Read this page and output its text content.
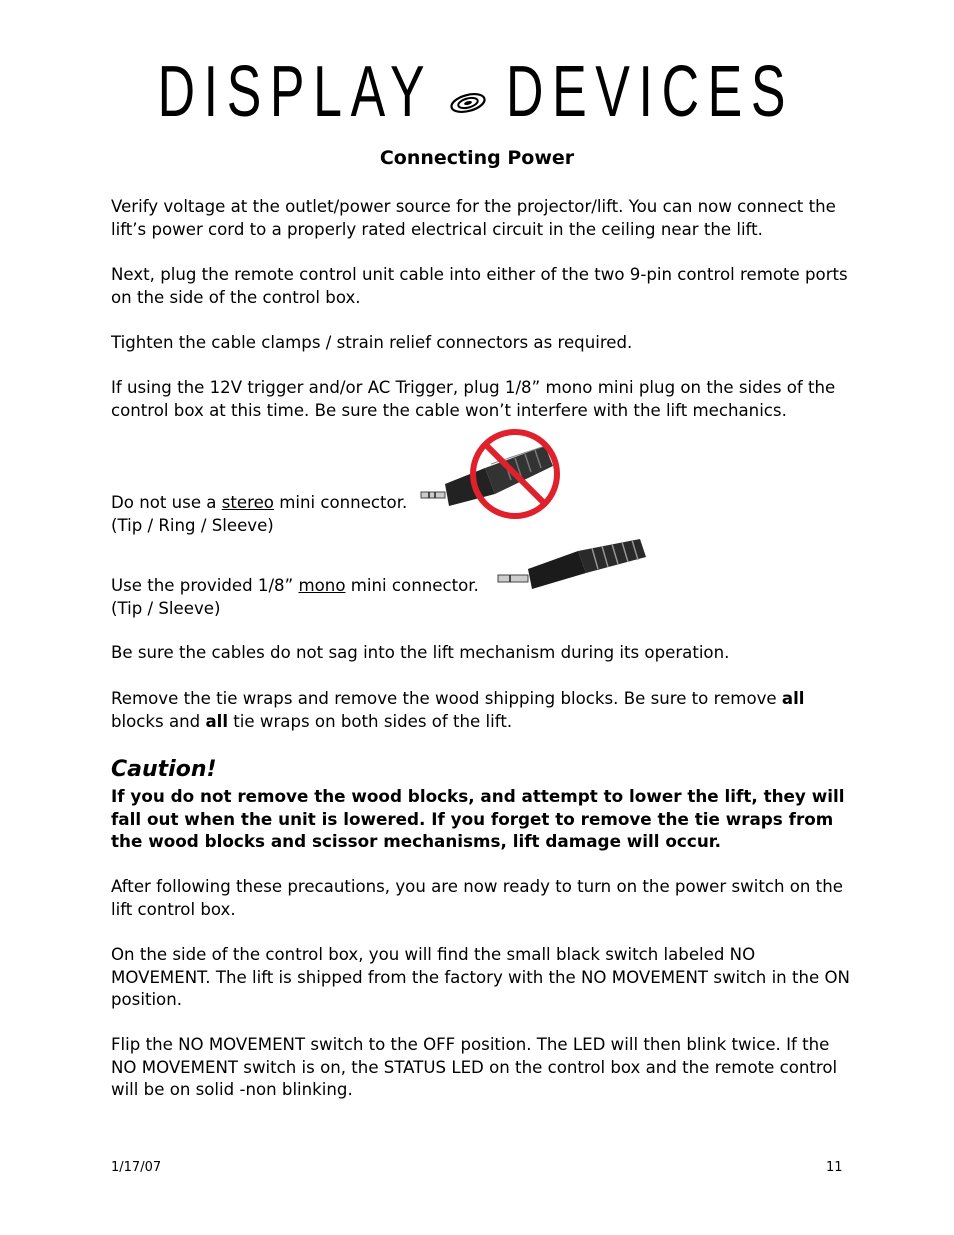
DISPLAY DEVICES
Connecting Power

Verify voltage at the outlet/power source for the projector/lift. You can now connect the lift’s power cord to a properly rated electrical circuit in the ceiling near the lift.

Next, plug the remote control unit cable into either of the two 9-pin control remote ports on the side of the control box.

Tighten the cable clamps / strain relief connectors as required.

If using the 12V trigger and/or AC Trigger, plug 1/8” mono mini plug on the sides of the control box at this time. Be sure the cable won’t interfere with the lift mechanics.

Do not use a stereo mini connector.
(Tip / Ring / Sleeve)

Use the provided 1/8” mono mini connector.
(Tip / Sleeve)

Be sure the cables do not sag into the lift mechanism during its operation.

Remove the tie wraps and remove the wood shipping blocks. Be sure to remove all
blocks and all tie wraps on both sides of the lift.

Caution!

If you do not remove the wood blocks, and attempt to lower the lift, they will fall out when the unit is lowered. If you forget to remove the tie wraps from the wood blocks and scissor mechanisms, lift damage will occur.

After following these precautions, you are now ready to turn on the power switch on the lift control box.

On the side of the control box, you will find the small black switch labeled NO MOVEMENT. The lift is shipped from the factory with the NO MOVEMENT switch in the ON position.

Flip the NO MOVEMENT switch to the OFF position. The LED will then blink twice. If the NO MOVEMENT switch is on, the STATUS LED on the control box and the remote control will be on solid -non blinking.

1/17/07	11
